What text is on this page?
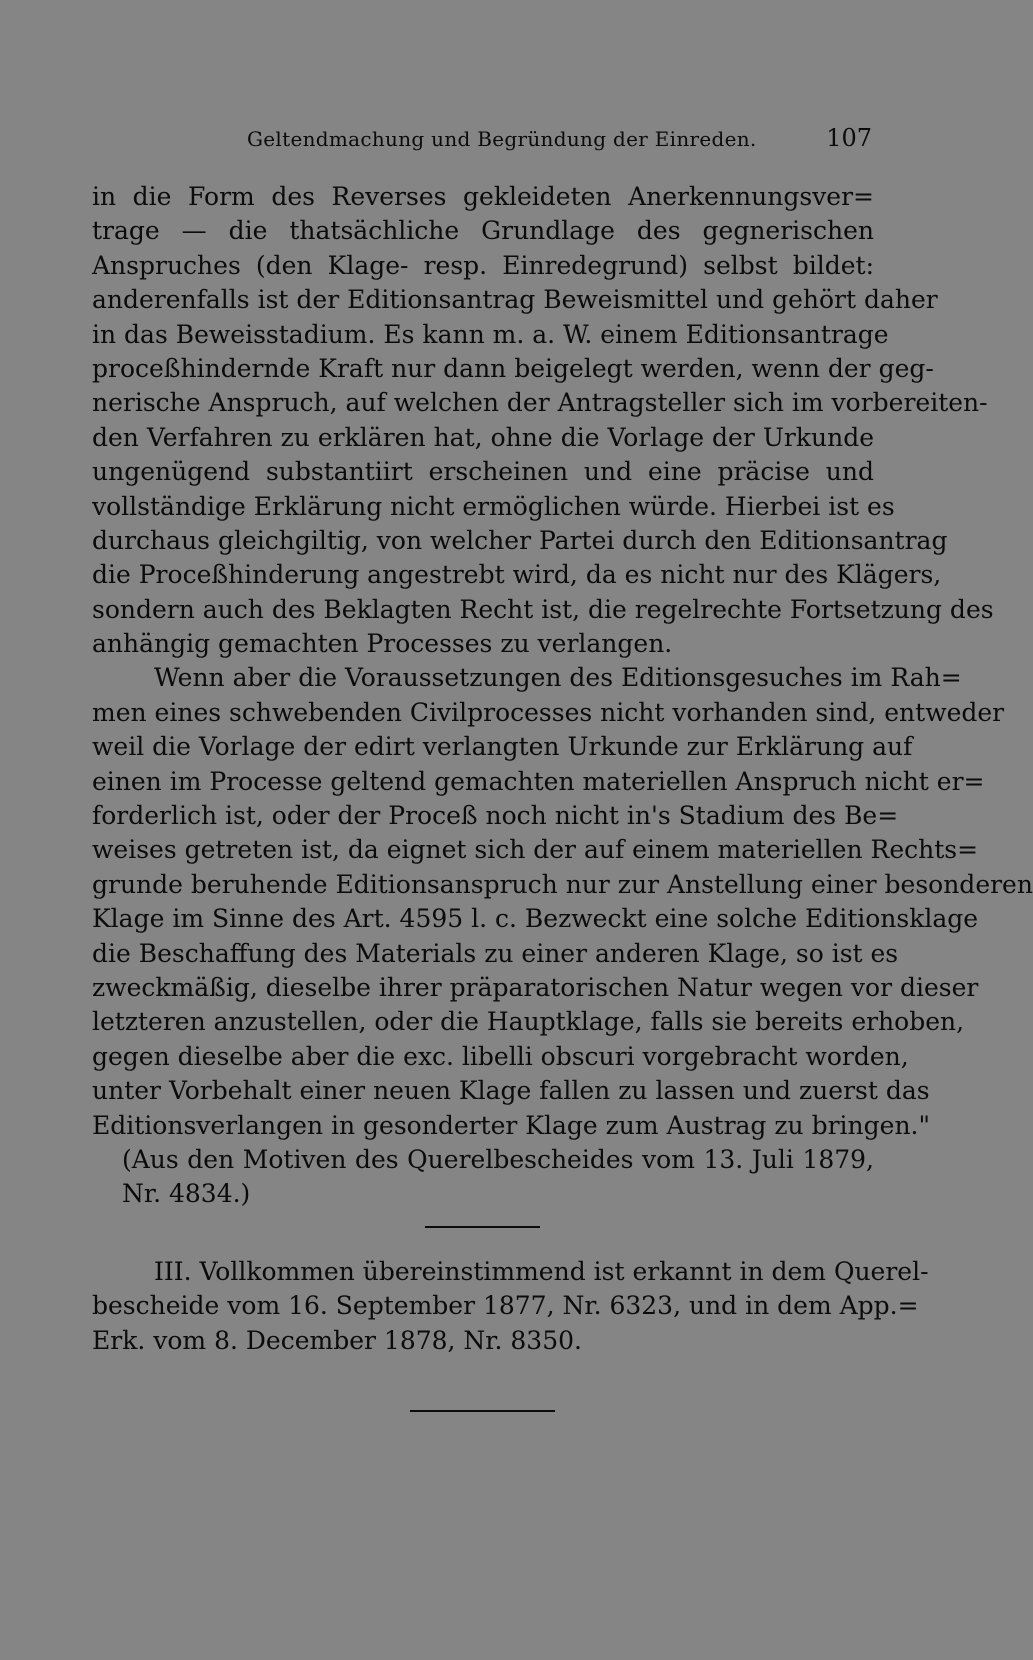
Geltendmachung und Begründung der Einreden.	107
in die Form des Reverses gekleideten Anerkennungsver=
trage — die thatsächliche Grundlage des gegnerischen
Anspruches (den Klage- resp. Einredegrund) selbst bildet:
anderenfalls ist der Editionsantrag Beweismittel und gehört daher
in das Beweisstadium. Es kann m. a. W. einem Editionsantrage
proceßhindernde Kraft nur dann beigelegt werden, wenn der geg-
nerische Anspruch, auf welchen der Antragsteller sich im vorbereiten-
den Verfahren zu erklären hat, ohne die Vorlage der Urkunde
ungenügend substantiirt erscheinen und eine präcise und
vollständige Erklärung nicht ermöglichen würde. Hierbei ist es
durchaus gleichgiltig, von welcher Partei durch den Editionsantrag
die Proceßhinderung angestrebt wird, da es nicht nur des Klägers,
sondern auch des Beklagten Recht ist, die regelrechte Fortsetzung des
anhängig gemachten Processes zu verlangen.
Wenn aber die Voraussetzungen des Editionsgesuches im Rah=
men eines schwebenden Civilprocesses nicht vorhanden sind, entweder
weil die Vorlage der edirt verlangten Urkunde zur Erklärung auf
einen im Processe geltend gemachten materiellen Anspruch nicht er=
forderlich ist, oder der Proceß noch nicht in's Stadium des Be=
weises getreten ist, da eignet sich der auf einem materiellen Rechts=
grunde beruhende Editionsanspruch nur zur Anstellung einer besonderen
Klage im Sinne des Art. 4595 l. c. Bezweckt eine solche Editionsklage
die Beschaffung des Materials zu einer anderen Klage, so ist es
zweckmäßig, dieselbe ihrer präparatorischen Natur wegen vor dieser
letzteren anzustellen, oder die Hauptklage, falls sie bereits erhoben,
gegen dieselbe aber die exc. libelli obscuri vorgebracht worden,
unter Vorbehalt einer neuen Klage fallen zu lassen und zuerst das
Editionsverlangen in gesonderter Klage zum Austrag zu bringen."
(Aus den Motiven des Querelbescheides vom 13. Juli 1879,
Nr. 4834.)
III. Vollkommen übereinstimmend ist erkannt in dem Querel-
bescheide vom 16. September 1877, Nr. 6323, und in dem App.=
Erk. vom 8. December 1878, Nr. 8350.
